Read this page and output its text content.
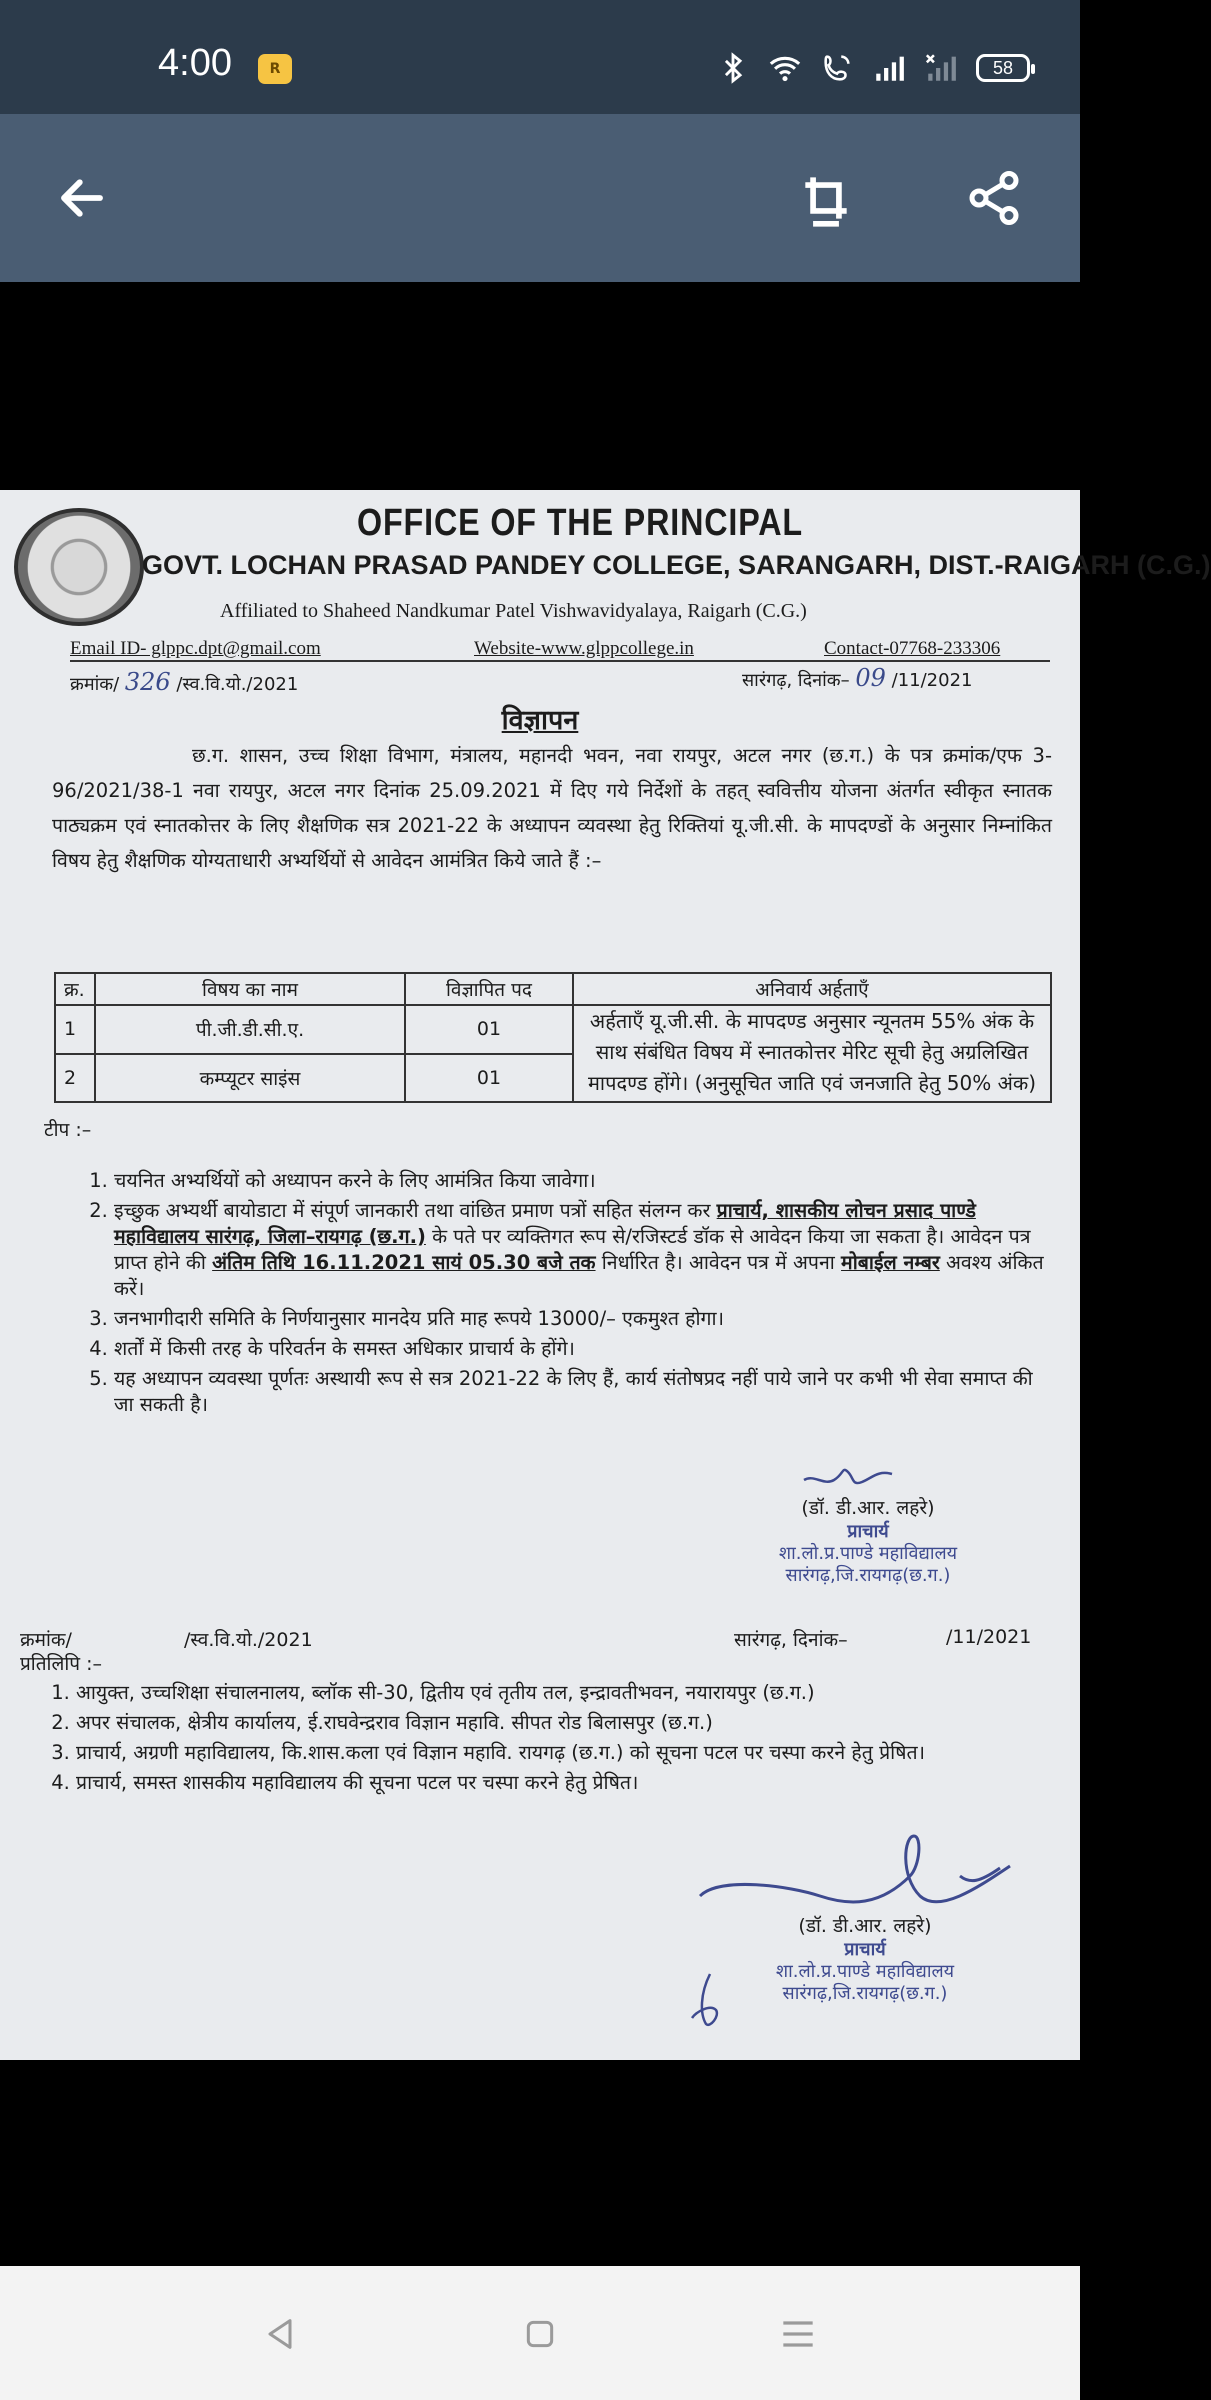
4:00	R	58
OFFICE OF THE PRINCIPAL
GOVT. LOCHAN PRASAD PANDEY COLLEGE, SARANGARH, DIST.-RAIGARH (C.G.)
Affiliated to Shaheed Nandkumar Patel Vishwavidyalaya, Raigarh (C.G.)
Email ID- glppc.dpt@gmail.com	Website-www.glppcollege.in	Contact-07768-233306
क्रमांक/ 326 /स्व.वि.यो./2021	सारंगढ़, दिनांक– 09 /11/2021
विज्ञापन
छ.ग. शासन, उच्च शिक्षा विभाग, मंत्रालय, महानदी भवन, नवा रायपुर, अटल नगर (छ.ग.) के पत्र क्रमांक/एफ 3-96/2021/38-1 नवा रायपुर, अटल नगर दिनांक 25.09.2021 में दिए गये निर्देशों के तहत् स्ववित्तीय योजना अंतर्गत स्वीकृत स्नातक पाठ्यक्रम एवं स्नातकोत्तर के लिए शैक्षणिक सत्र 2021-22 के अध्यापन व्यवस्था हेतु रिक्तियां यू.जी.सी. के मापदण्डों के अनुसार निम्नांकित विषय हेतु शैक्षणिक योग्यताधारी अभ्यर्थियों से आवेदन आमंत्रित किये जाते हैं :–
क्र.	विषय का नाम	विज्ञापित पद	अनिवार्य अर्हताएँ
1	पी.जी.डी.सी.ए.	01	अर्हताएँ यू.जी.सी. के मापदण्ड अनुसार न्यूनतम 55% अंक के साथ संबंधित विषय में स्नातकोत्तर मेरिट सूची हेतु अग्रलिखित मापदण्ड होंगे। (अनुसूचित जाति एवं जनजाति हेतु 50% अंक)
2	कम्प्यूटर साइंस	01	
टीप :–
1. चयनित अभ्यर्थियों को अध्यापन करने के लिए आमंत्रित किया जावेगा।
2. इच्छुक अभ्यर्थी बायोडाटा में संपूर्ण जानकारी तथा वांछित प्रमाण पत्रों सहित संलग्न कर प्राचार्य, शासकीय लोचन प्रसाद पाण्डे महाविद्यालय सारंगढ़, जिला–रायगढ़ (छ.ग.) के पते पर व्यक्तिगत रूप से/रजिस्टर्ड डॉक से आवेदन किया जा सकता है। आवेदन पत्र प्राप्त होने की अंतिम तिथि 16.11.2021 सायं 05.30 बजे तक निर्धारित है। आवेदन पत्र में अपना मोबाईल नम्बर अवश्य अंकित करें।
3. जनभागीदारी समिति के निर्णयानुसार मानदेय प्रति माह रूपये 13000/– एकमुश्त होगा।
4. शर्तों में किसी तरह के परिवर्तन के समस्त अधिकार प्राचार्य के होंगे।
5. यह अध्यापन व्यवस्था पूर्णतः अस्थायी रूप से सत्र 2021-22 के लिए हैं, कार्य संतोषप्रद नहीं पाये जाने पर कभी भी सेवा समाप्त की जा सकती है।
(डॉ. डी.आर. लहरे)
प्राचार्य
शा.लो.प्र.पाण्डे महाविद्यालय
सारंगढ़,जि.रायगढ़(छ.ग.)
क्रमांक/	/स्व.वि.यो./2021	सारंगढ़, दिनांक–	/11/2021
प्रतिलिपि :–
1. आयुक्त, उच्चशिक्षा संचालनालय, ब्लॉक सी-30, द्वितीय एवं तृतीय तल, इन्द्रावतीभवन, नयारायपुर (छ.ग.)
2. अपर संचालक, क्षेत्रीय कार्यालय, ई.राघवेन्द्रराव विज्ञान महावि. सीपत रोड बिलासपुर (छ.ग.)
3. प्राचार्य, अग्रणी महाविद्यालय, कि.शास.कला एवं विज्ञान महावि. रायगढ़ (छ.ग.) को सूचना पटल पर चस्पा करने हेतु प्रेषित।
4. प्राचार्य, समस्त शासकीय महाविद्यालय की सूचना पटल पर चस्पा करने हेतु प्रेषित।
(डॉ. डी.आर. लहरे)
प्राचार्य
शा.लो.प्र.पाण्डे महाविद्यालय
सारंगढ़,जि.रायगढ़(छ.ग.)
